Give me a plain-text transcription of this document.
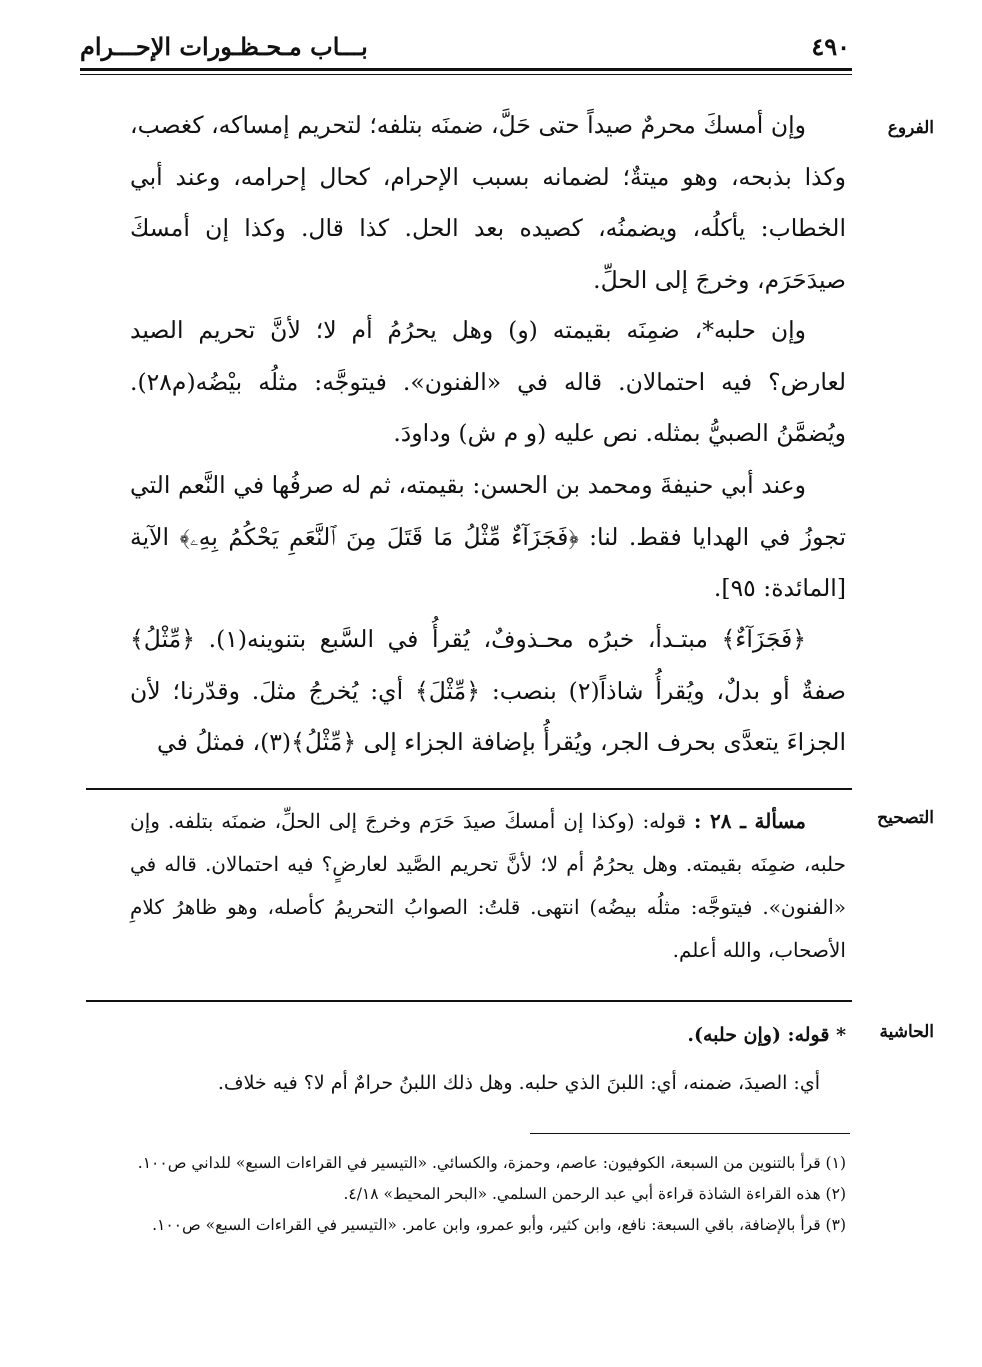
٤٩٠
بـــاب مـحـظـورات الإحـــرام
الفروع

وإن أمسكَ محرمٌ صيداً حتى حَلَّ، ضمنَه بتلفه؛ لتحريم إمساكه، كغصب، وكذا بذبحه، وهو ميتةٌ؛ لضمانه بسبب الإحرام، كحال إحرامه، وعند أبي الخطاب: يأكلُه، ويضمنُه، كصيده بعد الحل. كذا قال. وكذا إن أمسكَ صيدَحَرَم، وخرجَ إلى الحلِّ.

وإن حلبه*، ضمِنَه بقيمته (و) وهل يحرُمُ أم لا؛ لأنَّ تحريم الصيد لعارض؟ فيه احتمالان. قاله في «الفنون». فيتوجَّه: مثلُه بيْضُه(م٢٨). ويُضمَّنُ الصبيُّ بمثله. نص عليه (و م ش) وداودَ.

وعند أبي حنيفةَ ومحمد بن الحسن: بقيمته، ثم له صرفُها في النَّعم التي تجوزُ في الهدايا فقط. لنا: ﴿فَجَزَآءٌ مِّثْلُ مَا قَتَلَ مِنَ ٱلنَّعَمِ يَحْكُمُ بِهِۦ﴾ الآية [المائدة: ٩٥].

﴿فَجَزَآءٌ﴾ مبتـدأ، خبرُه محـذوفٌ، يُقرأُ في السَّبع بتنوينه(١). ﴿مِّثْلُ﴾ صفةٌ أو بدلٌ، ويُقرأُ شاذاً(٢) بنصب: ﴿مِّثْلَ﴾ أي: يُخرجُ مثلَ. وقدّرنا؛ لأن الجزاءَ يتعدَّى بحرف الجر، ويُقرأُ بإضافة الجزاء إلى ﴿مِّثْلُ﴾(٣)، فمثلُ في

التصحيح

مسألة ـ ٢٨ : قوله: (وكذا إن أمسكَ صيدَ حَرَم وخرجَ إلى الحلِّ، ضمنَه بتلفه. وإن حلبه، ضمِنَه بقيمته. وهل يحرُمُ أم لا؛ لأنَّ تحريم الصَّيد لعارضٍ؟ فيه احتمالان. قاله في «الفنون». فيتوجَّه: مثلُه بيضُه) انتهى. قلتُ: الصوابُ التحريمُ كأصله، وهو ظاهرُ كلامِ الأصحاب، والله أعلم.

الحاشية

* قوله: (وإن حلبه).

أي: الصيدَ، ضمنه، أي: اللبنَ الذي حلبه. وهل ذلك اللبنُ حرامٌ أم لا؟ فيه خلاف.

(١) قرأ بالتنوين من السبعة، الكوفيون: عاصم، وحمزة، والكسائي. «التيسير في القراءات السبع» للداني ص١٠٠.

(٢) هذه القراءة الشاذة قراءة أبي عبد الرحمن السلمي. «البحر المحيط» ٤/١٨.

(٣) قرأ بالإضافة، باقي السبعة: نافع، وابن كثير، وأبو عمرو، وابن عامر. «التيسير في القراءات السبع» ص١٠٠.
